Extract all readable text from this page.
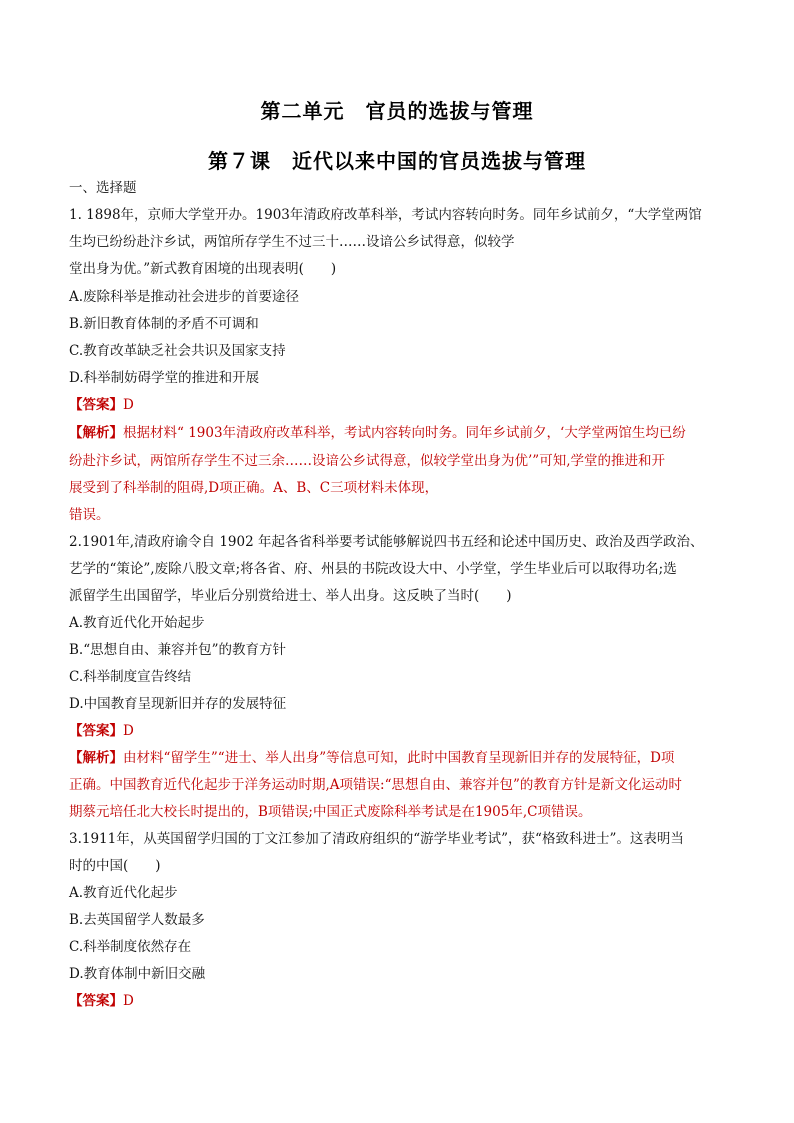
第二单元　官员的选拔与管理
第７课　近代以来中国的官员选拔与管理
一、选择题
1. 1898年，京师大学堂开办。1903年清政府改革科举，考试内容转向时务。同年乡试前夕，“大学堂两馆
生均已纷纷赴汴乡试，两馆所存学生不过三十……设谙公乡试得意，似较学
堂出身为优。”新式教育困境的出现表明(　　)
A.废除科举是推动社会进步的首要途径
B.新旧教育体制的矛盾不可调和
C.教育改革缺乏社会共识及国家支持
D.科举制妨碍学堂的推进和开展
【答案】D
【解析】根据材料“ 1903年清政府改革科举，考试内容转向时务。同年乡试前夕，‘大学堂两馆生均已纷
纷赴汴乡试，两馆所存学生不过三余……设谙公乡试得意，似较学堂出身为优’”可知,学堂的推进和开
展受到了科举制的阻碍,D项正确。A、B、C三项材料未体现，
错误。
2.1901年,清政府谕令自 1902 年起各省科举要考试能够解说四书五经和论述中国历史、政治及西学政治、
艺学的“策论”,废除八股文章;将各省、府、州县的书院改设大中、小学堂，学生毕业后可以取得功名;选
派留学生出国留学，毕业后分别赏给进士、举人出身。这反映了当时(　　)
A.教育近代化开始起步
B.“思想自由、兼容并包”的教育方针
C.科举制度宣告终结
D.中国教育呈现新旧并存的发展特征
【答案】D
【解析】由材料“留学生”“进士、举人出身”等信息可知，此时中国教育呈现新旧并存的发展特征，D项
正确。中国教育近代化起步于洋务运动时期,A项错误:“思想自由、兼容并包”的教育方针是新文化运动时
期蔡元培任北大校长时提出的，B项错误;中国正式废除科举考试是在1905年,C项错误。
3.1911年，从英国留学归国的丁文江参加了清政府组织的“游学毕业考试”，获“格致科进士”。这表明当
时的中国(　　)
A.教育近代化起步
B.去英国留学人数最多
C.科举制度依然存在
D.教育体制中新旧交融
【答案】D
